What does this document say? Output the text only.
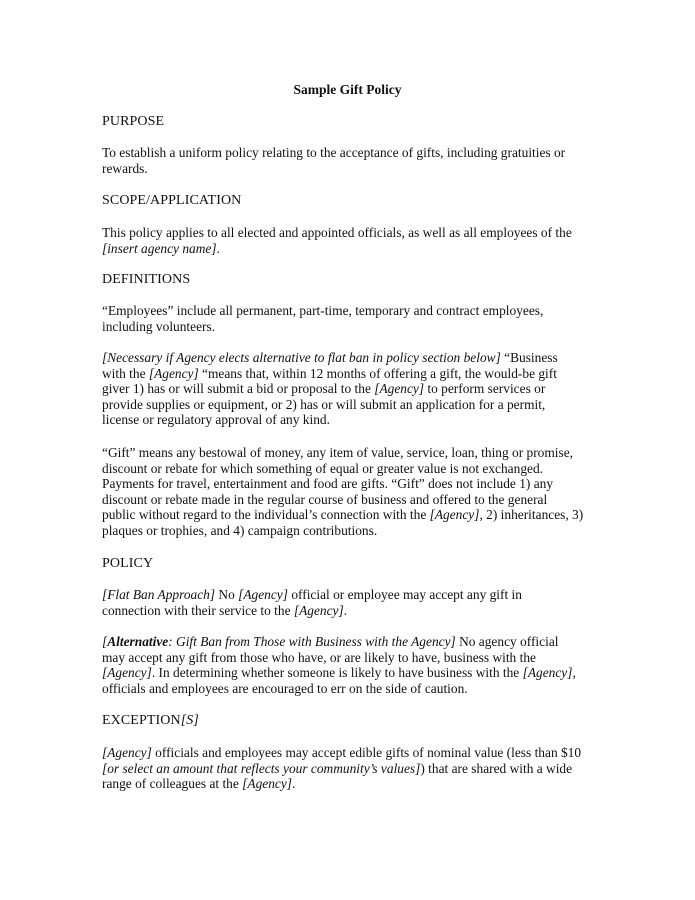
Sample Gift Policy
PURPOSE
To establish a uniform policy relating to the acceptance of gifts, including gratuities or
rewards.
SCOPE/APPLICATION
This policy applies to all elected and appointed officials, as well as all employees of the
[insert agency name].
DEFINITIONS
“Employees” include all permanent, part-time, temporary and contract employees,
including volunteers.
[Necessary if Agency elects alternative to flat ban in policy section below] “Business
with the [Agency] “means that, within 12 months of offering a gift, the would-be gift
giver 1) has or will submit a bid or proposal to the [Agency] to perform services or
provide supplies or equipment, or 2) has or will submit an application for a permit,
license or regulatory approval of any kind.
“Gift” means any bestowal of money, any item of value, service, loan, thing or promise,
discount or rebate for which something of equal or greater value is not exchanged.
Payments for travel, entertainment and food are gifts. “Gift” does not include 1) any
discount or rebate made in the regular course of business and offered to the general
public without regard to the individual’s connection with the [Agency], 2) inheritances, 3)
plaques or trophies, and 4) campaign contributions.
POLICY
[Flat Ban Approach] No [Agency] official or employee may accept any gift in
connection with their service to the [Agency].
[Alternative: Gift Ban from Those with Business with the Agency] No agency official
may accept any gift from those who have, or are likely to have, business with the
[Agency]. In determining whether someone is likely to have business with the [Agency],
officials and employees are encouraged to err on the side of caution.
EXCEPTION[S]
[Agency] officials and employees may accept edible gifts of nominal value (less than $10
[or select an amount that reflects your community’s values]) that are shared with a wide
range of colleagues at the [Agency].
